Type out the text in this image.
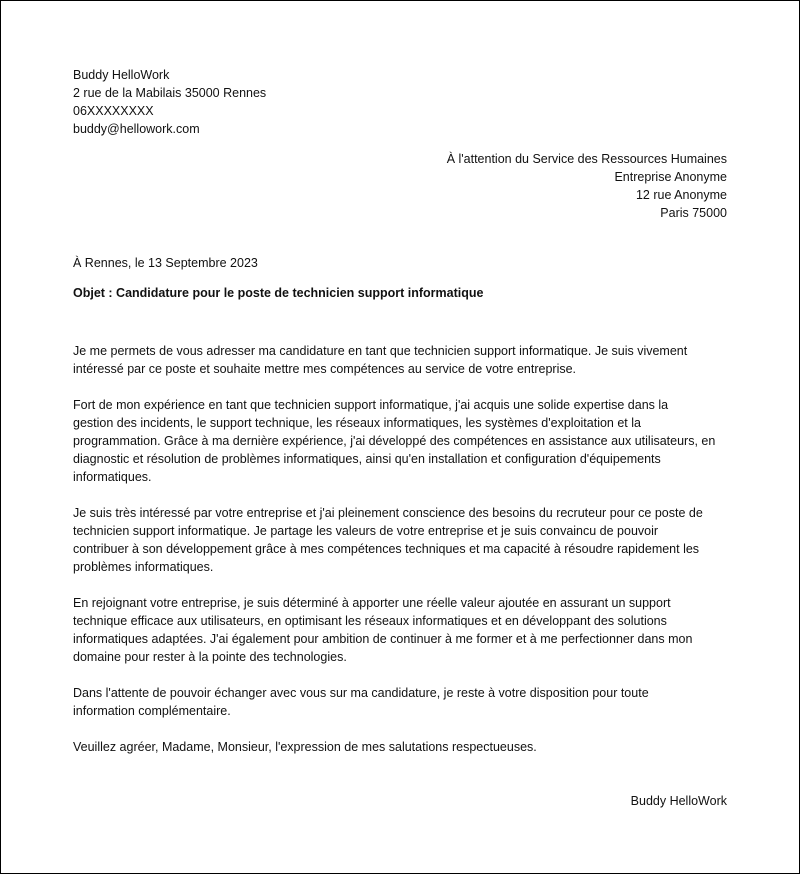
Buddy HelloWork
2 rue de la Mabilais 35000 Rennes
06XXXXXXXX
buddy@hellowork.com
À l'attention du Service des Ressources Humaines
Entreprise Anonyme
12 rue Anonyme
Paris 75000
À Rennes, le 13 Septembre 2023
Objet : Candidature pour le poste de technicien support informatique

Je me permets de vous adresser ma candidature en tant que technicien support informatique. Je suis vivement
intéressé par ce poste et souhaite mettre mes compétences au service de votre entreprise.

Fort de mon expérience en tant que technicien support informatique, j'ai acquis une solide expertise dans la
gestion des incidents, le support technique, les réseaux informatiques, les systèmes d'exploitation et la
programmation. Grâce à ma dernière expérience, j'ai développé des compétences en assistance aux utilisateurs, en
diagnostic et résolution de problèmes informatiques, ainsi qu'en installation et configuration d'équipements
informatiques.

Je suis très intéressé par votre entreprise et j'ai pleinement conscience des besoins du recruteur pour ce poste de
technicien support informatique. Je partage les valeurs de votre entreprise et je suis convaincu de pouvoir
contribuer à son développement grâce à mes compétences techniques et ma capacité à résoudre rapidement les
problèmes informatiques.

En rejoignant votre entreprise, je suis déterminé à apporter une réelle valeur ajoutée en assurant un support
technique efficace aux utilisateurs, en optimisant les réseaux informatiques et en développant des solutions
informatiques adaptées. J'ai également pour ambition de continuer à me former et à me perfectionner dans mon
domaine pour rester à la pointe des technologies.

Dans l'attente de pouvoir échanger avec vous sur ma candidature, je reste à votre disposition pour toute
information complémentaire.

Veuillez agréer, Madame, Monsieur, l'expression de mes salutations respectueuses.

Buddy HelloWork
